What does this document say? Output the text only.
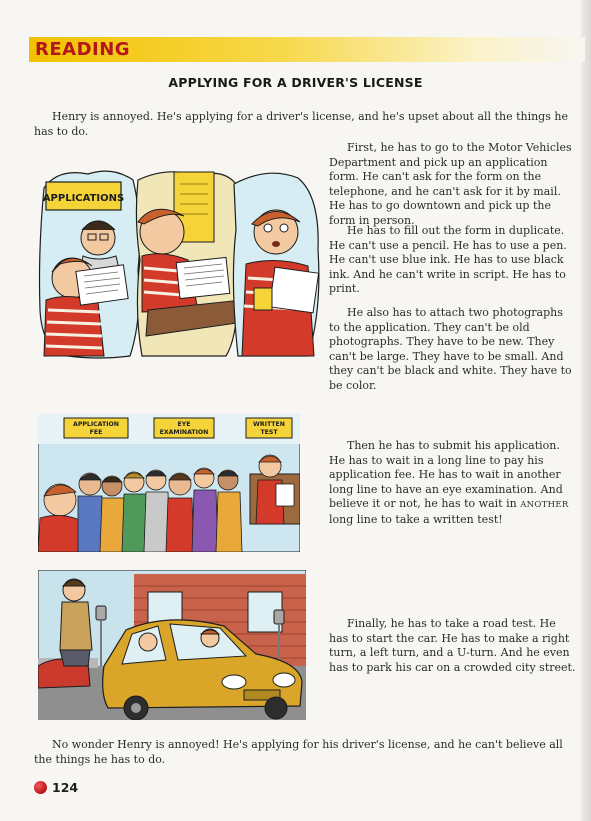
READING
APPLYING FOR A DRIVER'S LICENSE

Henry is annoyed. He's applying for a driver's license, and he's upset about all the things he has to do.

First, he has to go to the Motor Vehicles Department and pick up an application form. He can't ask for the form on the telephone, and he can't ask for it by mail. He has to go downtown and pick up the form in person.

He has to fill out the form in duplicate. He can't use a pencil. He has to use a pen. He can't use blue ink. He has to use black ink. And he can't write in script. He has to print.

He also has to attach two photographs to the application. They can't be old photographs. They have to be new. They can't be large. They have to be small. And they can't be black and white. They have to be color.

Then he has to submit his application. He has to wait in a long line to pay his application fee. He has to wait in another long line to have an eye examination. And believe it or not, he has to wait in ANOTHER long line to take a written test!

Finally, he has to take a road test. He has to start the car. He has to make a right turn, a left turn, and a U-turn. And he even has to park his car on a crowded city street.

No wonder Henry is annoyed! He's applying for his driver's license, and he can't believe all the things he has to do.

APPLICATIONS
APPLICATION
FEE
EYE
EXAMINATION
WRITTEN
TEST
124
